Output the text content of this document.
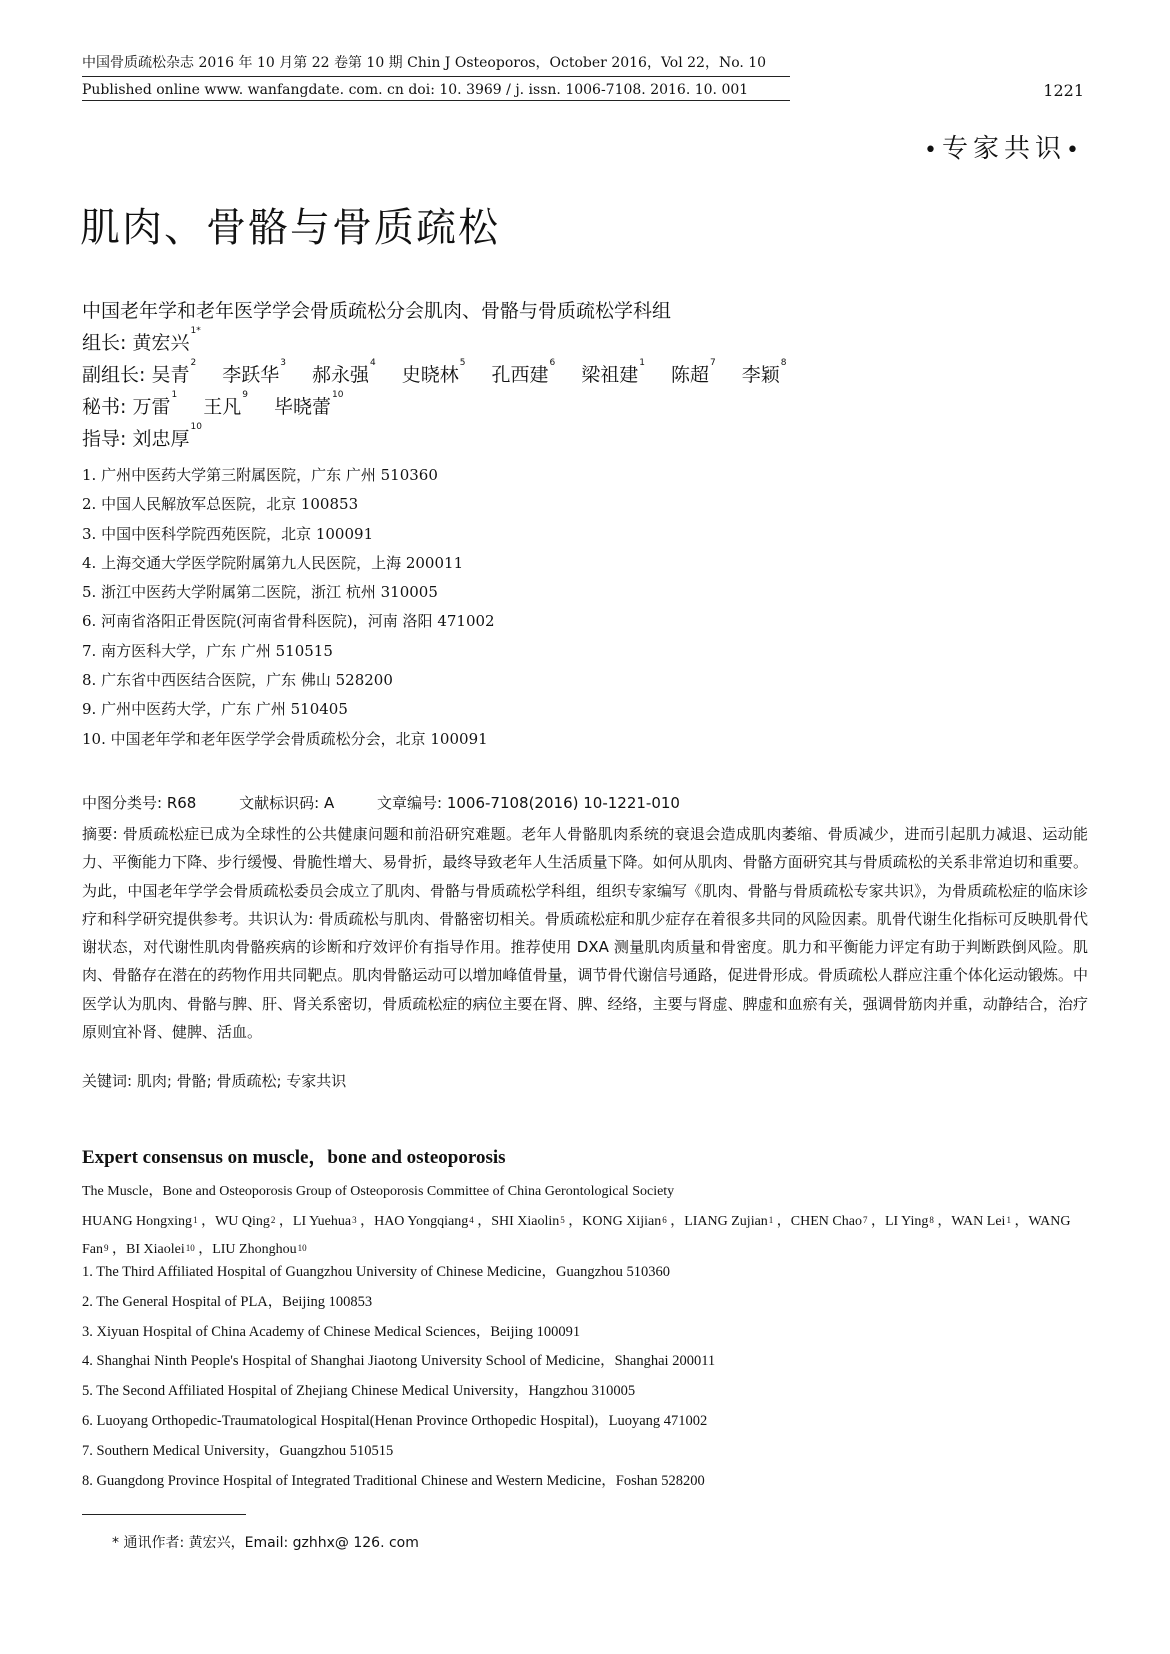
中国骨质疏松杂志 2016 年 10 月第 22 卷第 10 期 Chin J Osteoporos，October 2016，Vol 22，No. 10
Published online www. wanfangdate. com. cn doi: 10. 3969 / j. issn. 1006-7108. 2016. 10. 001	1221
•专家共识•
肌肉、骨骼与骨质疏松
中国老年学和老年医学学会骨质疏松分会肌肉、骨骼与骨质疏松学科组
组长: 黄宏兴$^{1*}$
副组长: 吴青$^2$李跃华$^3$郝永强$^4$史晓林$^5$孔西建$^6$梁祖建$^1$陈超$^7$李颖$^8$
秘书: 万雷$^1$王凡$^9$毕晓蕾$^{10}$
指导: 刘忠厚$^{10}$
1. 广州中医药大学第三附属医院，广东 广州 510360
2. 中国人民解放军总医院，北京 100853
3. 中国中医科学院西苑医院，北京 100091
4. 上海交通大学医学院附属第九人民医院，上海 200011
5. 浙江中医药大学附属第二医院，浙江 杭州 310005
6. 河南省洛阳正骨医院(河南省骨科医院)，河南 洛阳 471002
7. 南方医科大学，广东 广州 510515
8. 广东省中西医结合医院，广东 佛山 528200
9. 广州中医药大学，广东 广州 510405
10. 中国老年学和老年医学学会骨质疏松分会，北京 100091
中图分类号: R68	文献标识码: A	文章编号: 1006-7108(2016) 10-1221-010
摘要: 骨质疏松症已成为全球性的公共健康问题和前沿研究难题。老年人骨骼肌肉系统的衰退会造成肌肉萎缩、骨质减少，进而引起肌力减退、运动能力、平衡能力下降、步行缓慢、骨脆性增大、易骨折，最终导致老年人生活质量下降。如何从肌肉、骨骼方面研究其与骨质疏松的关系非常迫切和重要。为此，中国老年学学会骨质疏松委员会成立了肌肉、骨骼与骨质疏松学科组，组织专家编写《肌肉、骨骼与骨质疏松专家共识》，为骨质疏松症的临床诊疗和科学研究提供参考。共识认为: 骨质疏松与肌肉、骨骼密切相关。骨质疏松症和肌少症存在着很多共同的风险因素。肌骨代谢生化指标可反映肌骨代谢状态，对代谢性肌肉骨骼疾病的诊断和疗效评价有指导作用。推荐使用 DXA 测量肌肉质量和骨密度。肌力和平衡能力评定有助于判断跌倒风险。肌肉、骨骼存在潜在的药物作用共同靶点。肌肉骨骼运动可以增加峰值骨量，调节骨代谢信号通路，促进骨形成。骨质疏松人群应注重个体化运动锻炼。中医学认为肌肉、骨骼与脾、肝、肾关系密切，骨质疏松症的病位主要在肾、脾、经络，主要与肾虚、脾虚和血瘀有关，强调骨筋肉并重，动静结合，治疗原则宜补肾、健脾、活血。
关键词: 肌肉; 骨骼; 骨质疏松; 专家共识
Expert consensus on muscle，bone and osteoporosis
The Muscle，Bone and Osteoporosis Group of Osteoporosis Committee of China Gerontological Society
HUANG Hongxing$^1$ ，WU Qing$^2$ ，LI Yuehua$^3$ ，HAO Yongqiang$^4$ ，SHI Xiaolin$^5$ ，KONG Xijian$^6$ ，LIANG Zujian$^1$ ，CHEN Chao$^7$ ，LI Ying$^8$ ，WAN Lei$^1$ ，WANG Fan$^9$ ，BI Xiaolei$^{10}$ ，LIU Zhonghou$^{10}$
1. The Third Affiliated Hospital of Guangzhou University of Chinese Medicine，Guangzhou 510360
2. The General Hospital of PLA，Beijing 100853
3. Xiyuan Hospital of China Academy of Chinese Medical Sciences，Beijing 100091
4. Shanghai Ninth People's Hospital of Shanghai Jiaotong University School of Medicine，Shanghai 200011
5. The Second Affiliated Hospital of Zhejiang Chinese Medical University，Hangzhou 310005
6. Luoyang Orthopedic-Traumatological Hospital(Henan Province Orthopedic Hospital)，Luoyang 471002
7. Southern Medical University，Guangzhou 510515
8. Guangdong Province Hospital of Integrated Traditional Chinese and Western Medicine，Foshan 528200
* 通讯作者: 黄宏兴，Email: gzhhx@ 126. com
